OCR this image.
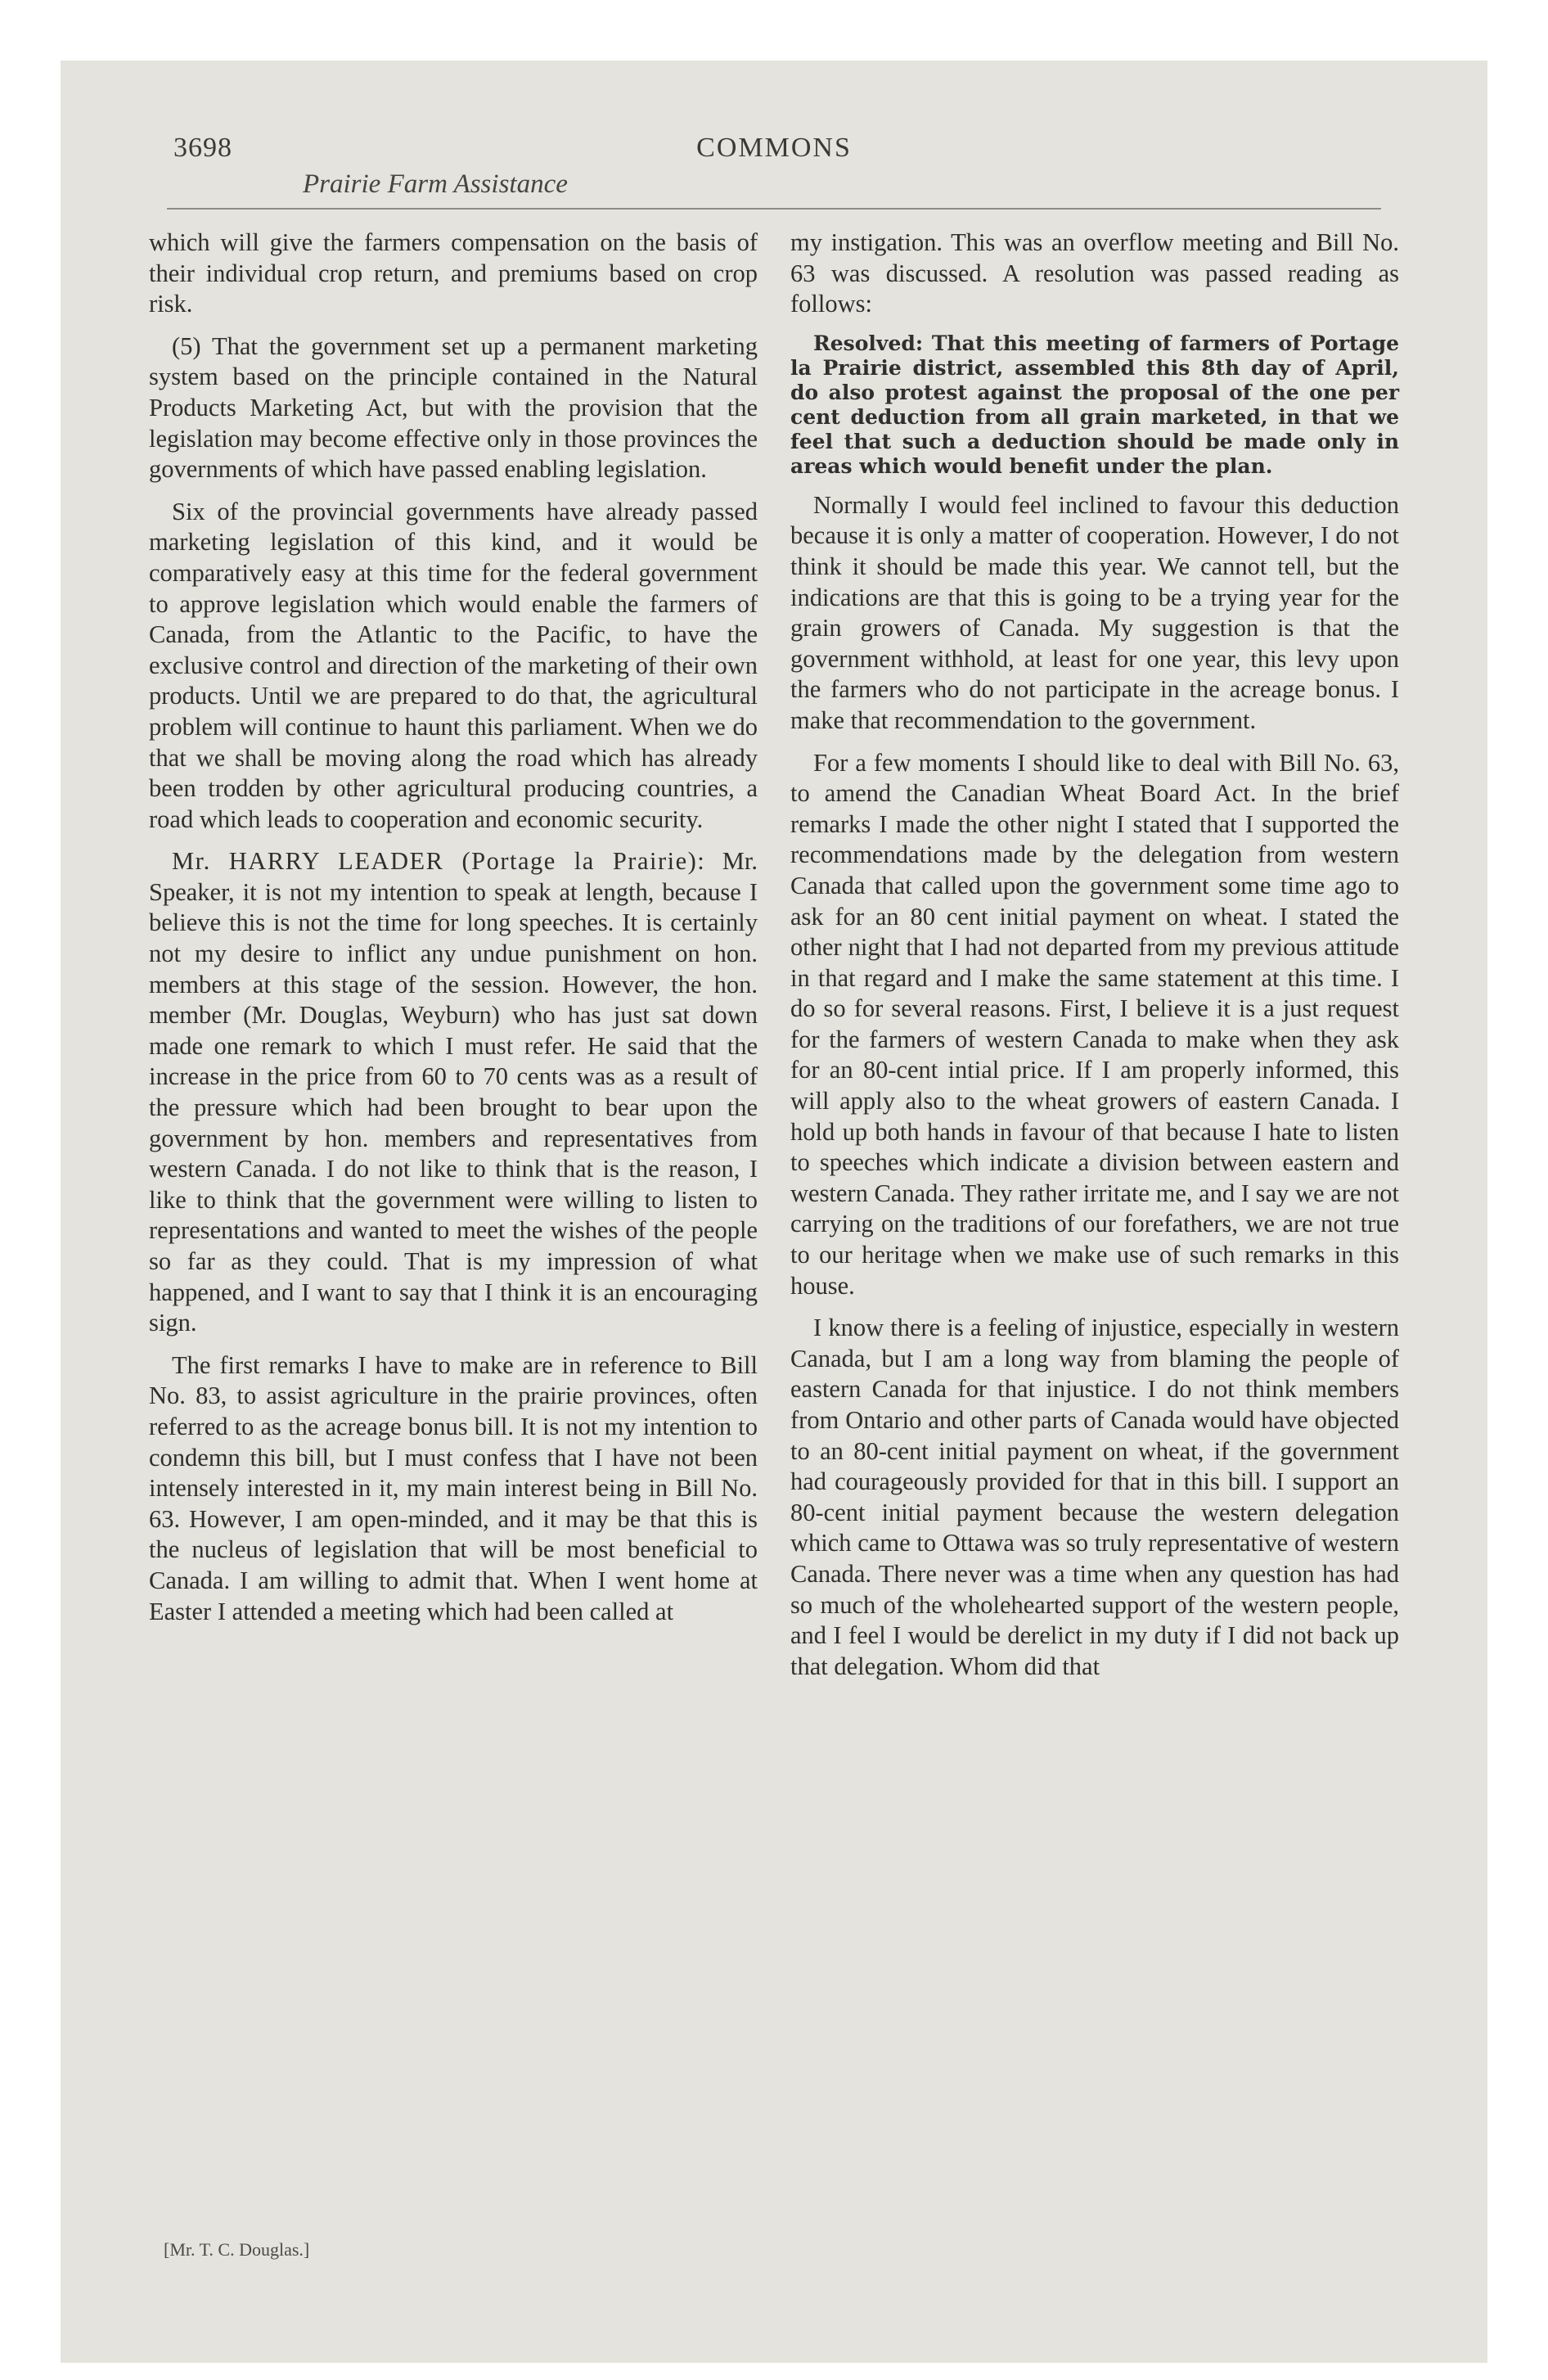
3698	COMMONS
Prairie Farm Assistance

which will give the farmers compensation on the basis of their individual crop return, and premiums based on crop risk.

(5) That the government set up a permanent marketing system based on the principle contained in the Natural Products Marketing Act, but with the provision that the legislation may become effective only in those provinces the governments of which have passed enabling legislation.

Six of the provincial governments have already passed marketing legislation of this kind, and it would be comparatively easy at this time for the federal government to approve legislation which would enable the farmers of Canada, from the Atlantic to the Pacific, to have the exclusive control and direction of the marketing of their own products. Until we are prepared to do that, the agricultural problem will continue to haunt this parliament. When we do that we shall be moving along the road which has already been trodden by other agricultural producing countries, a road which leads to cooperation and economic security.

Mr. HARRY LEADER (Portage la Prairie): Mr. Speaker, it is not my intention to speak at length, because I believe this is not the time for long speeches. It is certainly not my desire to inflict any undue punishment on hon. members at this stage of the session. However, the hon. member (Mr. Douglas, Weyburn) who has just sat down made one remark to which I must refer. He said that the increase in the price from 60 to 70 cents was as a result of the pressure which had been brought to bear upon the government by hon. members and representatives from western Canada. I do not like to think that is the reason, I like to think that the government were willing to listen to representations and wanted to meet the wishes of the people so far as they could. That is my impression of what happened, and I want to say that I think it is an encouraging sign.

The first remarks I have to make are in reference to Bill No. 83, to assist agriculture in the prairie provinces, often referred to as the acreage bonus bill. It is not my intention to condemn this bill, but I must confess that I have not been intensely interested in it, my main interest being in Bill No. 63. However, I am open-minded, and it may be that this is the nucleus of legislation that will be most beneficial to Canada. I am willing to admit that. When I went home at Easter I attended a meeting which had been called at

my instigation. This was an overflow meeting and Bill No. 63 was discussed. A resolution was passed reading as follows:

Resolved: That this meeting of farmers of Portage la Prairie district, assembled this 8th day of April, do also protest against the proposal of the one per cent deduction from all grain marketed, in that we feel that such a deduction should be made only in areas which would benefit under the plan.

Normally I would feel inclined to favour this deduction because it is only a matter of cooperation. However, I do not think it should be made this year. We cannot tell, but the indications are that this is going to be a trying year for the grain growers of Canada. My suggestion is that the government withhold, at least for one year, this levy upon the farmers who do not participate in the acreage bonus. I make that recommendation to the government.

For a few moments I should like to deal with Bill No. 63, to amend the Canadian Wheat Board Act. In the brief remarks I made the other night I stated that I supported the recommendations made by the delegation from western Canada that called upon the government some time ago to ask for an 80 cent initial payment on wheat. I stated the other night that I had not departed from my previous attitude in that regard and I make the same statement at this time. I do so for several reasons. First, I believe it is a just request for the farmers of western Canada to make when they ask for an 80-cent intial price. If I am properly informed, this will apply also to the wheat growers of eastern Canada. I hold up both hands in favour of that because I hate to listen to speeches which indicate a division between eastern and western Canada. They rather irritate me, and I say we are not carrying on the traditions of our forefathers, we are not true to our heritage when we make use of such remarks in this house.

I know there is a feeling of injustice, especially in western Canada, but I am a long way from blaming the people of eastern Canada for that injustice. I do not think members from Ontario and other parts of Canada would have objected to an 80-cent initial payment on wheat, if the government had courageously provided for that in this bill. I support an 80-cent initial payment because the western delegation which came to Ottawa was so truly representative of western Canada. There never was a time when any question has had so much of the wholehearted support of the western people, and I feel I would be derelict in my duty if I did not back up that delegation. Whom did that

[Mr. T. C. Douglas.]
